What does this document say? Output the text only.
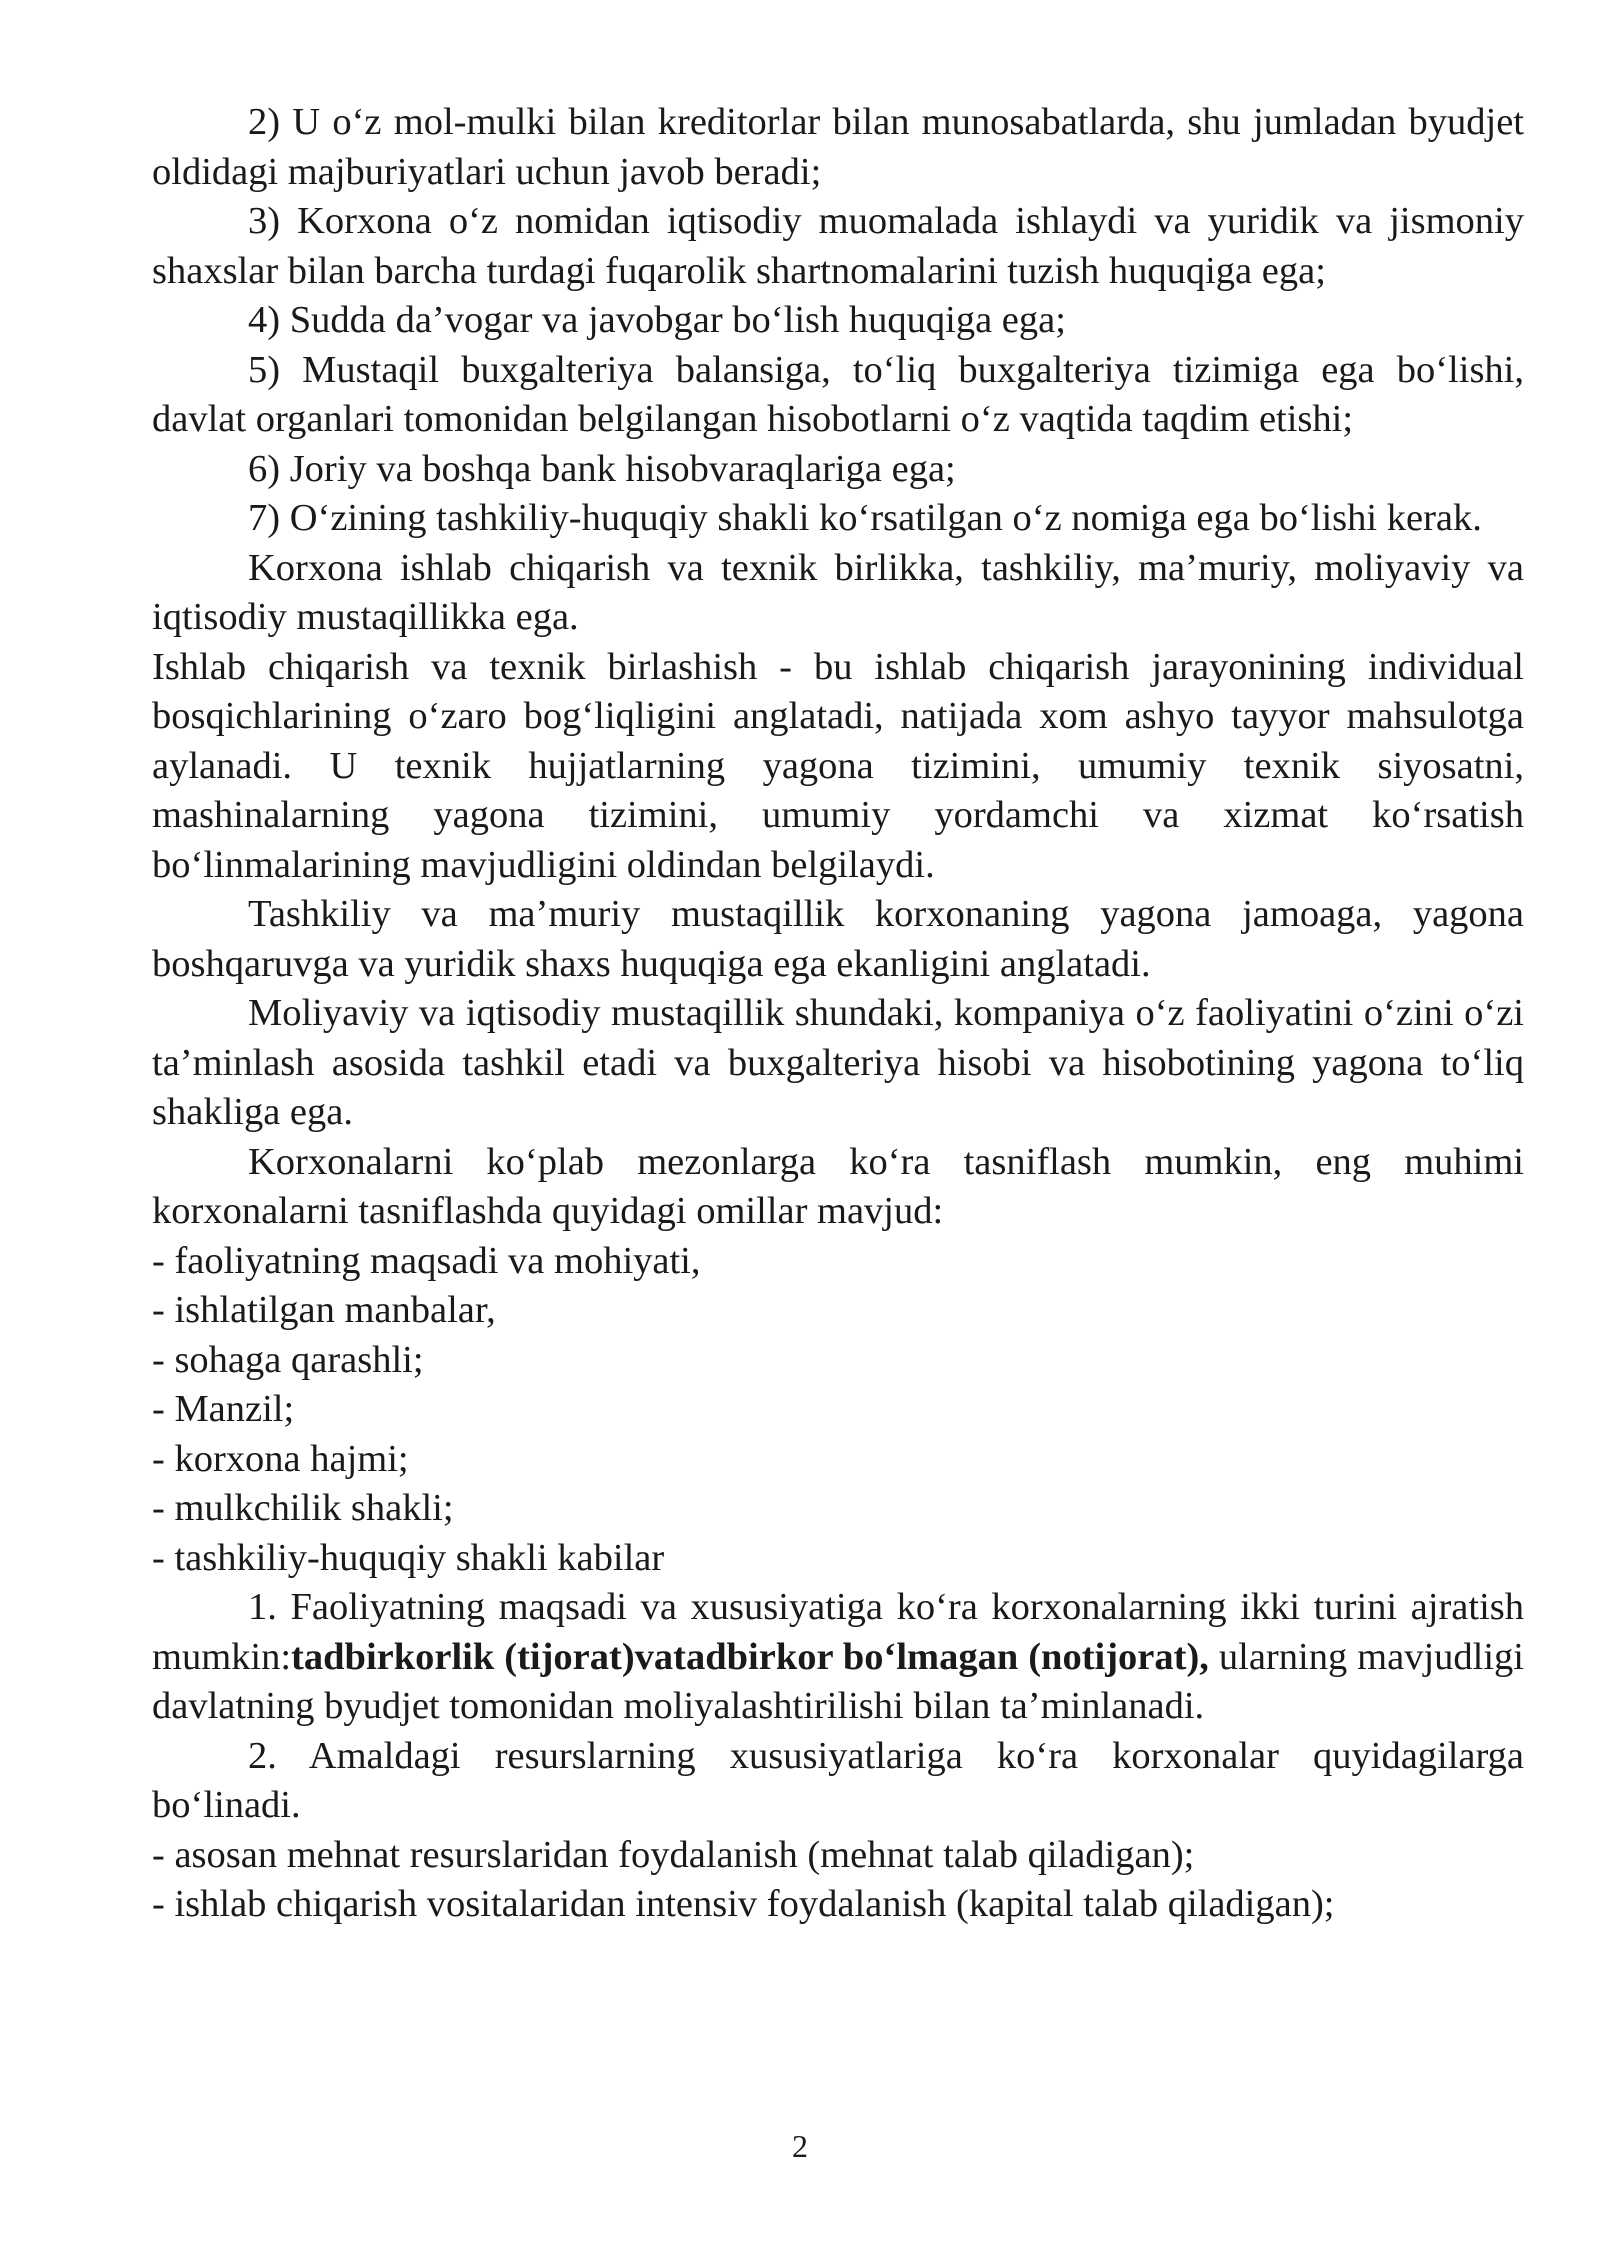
2) U o‘z mol-mulki bilan kreditorlar bilan munosabatlarda, shu jumladan byudjet oldidagi majburiyatlari uchun javob beradi;

3) Korxona o‘z nomidan iqtisodiy muomalada ishlaydi va yuridik va jismoniy shaxslar bilan barcha turdagi fuqarolik shartnomalarini tuzish huquqiga ega;

4) Sudda da’vogar va javobgar bo‘lish huquqiga ega;

5) Mustaqil buxgalteriya balansiga, to‘liq buxgalteriya tizimiga ega bo‘lishi, davlat organlari tomonidan belgilangan hisobotlarni o‘z vaqtida taqdim etishi;

6) Joriy va boshqa bank hisobvaraqlariga ega;

7) O‘zining tashkiliy-huquqiy shakli ko‘rsatilgan o‘z nomiga ega bo‘lishi kerak.

Korxona ishlab chiqarish va texnik birlikka, tashkiliy, ma’muriy, moliyaviy va iqtisodiy mustaqillikka ega.

Ishlab chiqarish va texnik birlashish - bu ishlab chiqarish jarayonining individual bosqichlarining o‘zaro bog‘liqligini anglatadi, natijada xom ashyo tayyor mahsulotga aylanadi. U texnik hujjatlarning yagona tizimini, umumiy texnik siyosatni, mashinalarning yagona tizimini, umumiy yordamchi va xizmat ko‘rsatish bo‘linmalarining mavjudligini oldindan belgilaydi.

Tashkiliy va ma’muriy mustaqillik korxonaning yagona jamoaga, yagona boshqaruvga va yuridik shaxs huquqiga ega ekanligini anglatadi.

Moliyaviy va iqtisodiy mustaqillik shundaki, kompaniya o‘z faoliyatini o‘zini o‘zi ta’minlash asosida tashkil etadi va buxgalteriya hisobi va hisobotining yagona to‘liq shakliga ega.

Korxonalarni ko‘plab mezonlarga ko‘ra tasniflash mumkin, eng muhimi korxonalarni tasniflashda quyidagi omillar mavjud:

- faoliyatning maqsadi va mohiyati,

- ishlatilgan manbalar,

- sohaga qarashli;

- Manzil;

- korxona hajmi;

- mulkchilik shakli;

- tashkiliy-huquqiy shakli kabilar

1. Faoliyatning maqsadi va xususiyatiga ko‘ra korxonalarning ikki turini ajratish mumkin:tadbirkorlik (tijorat)vatadbirkor bo‘lmagan (notijorat), ularning mavjudligi davlatning byudjet tomonidan moliyalashtirilishi bilan ta’minlanadi.

2. Amaldagi resurslarning xususiyatlariga ko‘ra korxonalar quyidagilarga bo‘linadi.

- asosan mehnat resurslaridan foydalanish (mehnat talab qiladigan);

- ishlab chiqarish vositalaridan intensiv foydalanish (kapital talab qiladigan);

2
